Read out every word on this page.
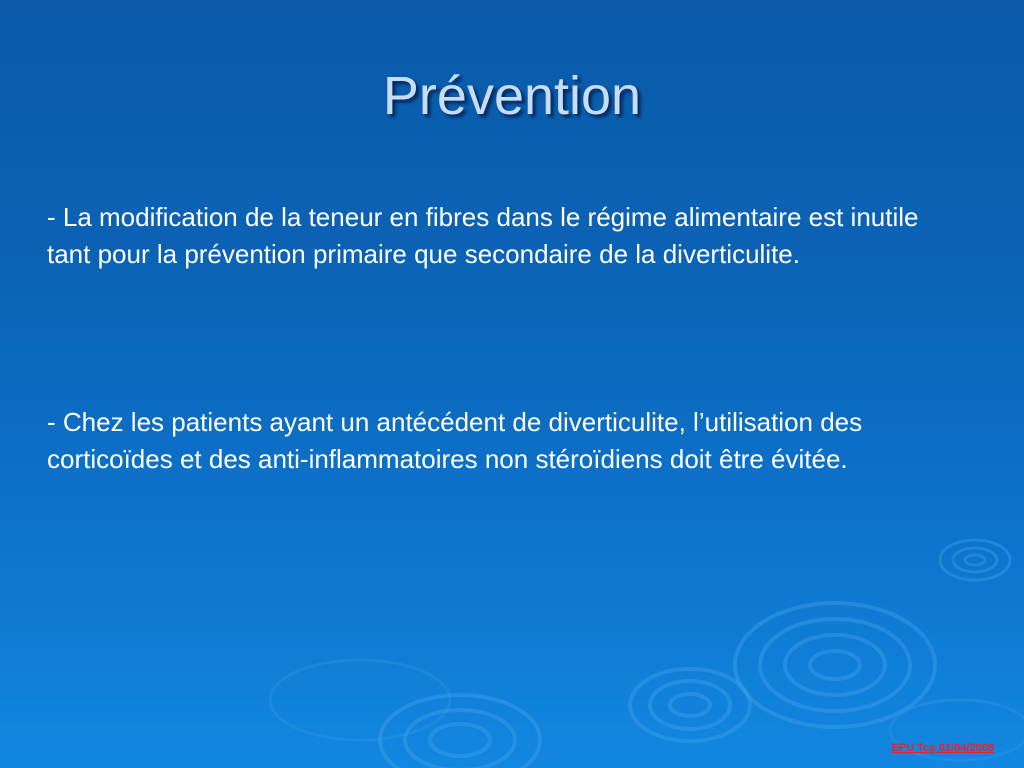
Prévention

- La modification de la teneur en fibres dans le régime alimentaire est inutile tant pour la prévention primaire que secondaire de la diverticulite.

- Chez les patients ayant un antécédent de diverticulite, l’utilisation des corticoïdes et des anti-inflammatoires non stéroïdiens doit être évitée.

EPU Tcg 01/04/2008
